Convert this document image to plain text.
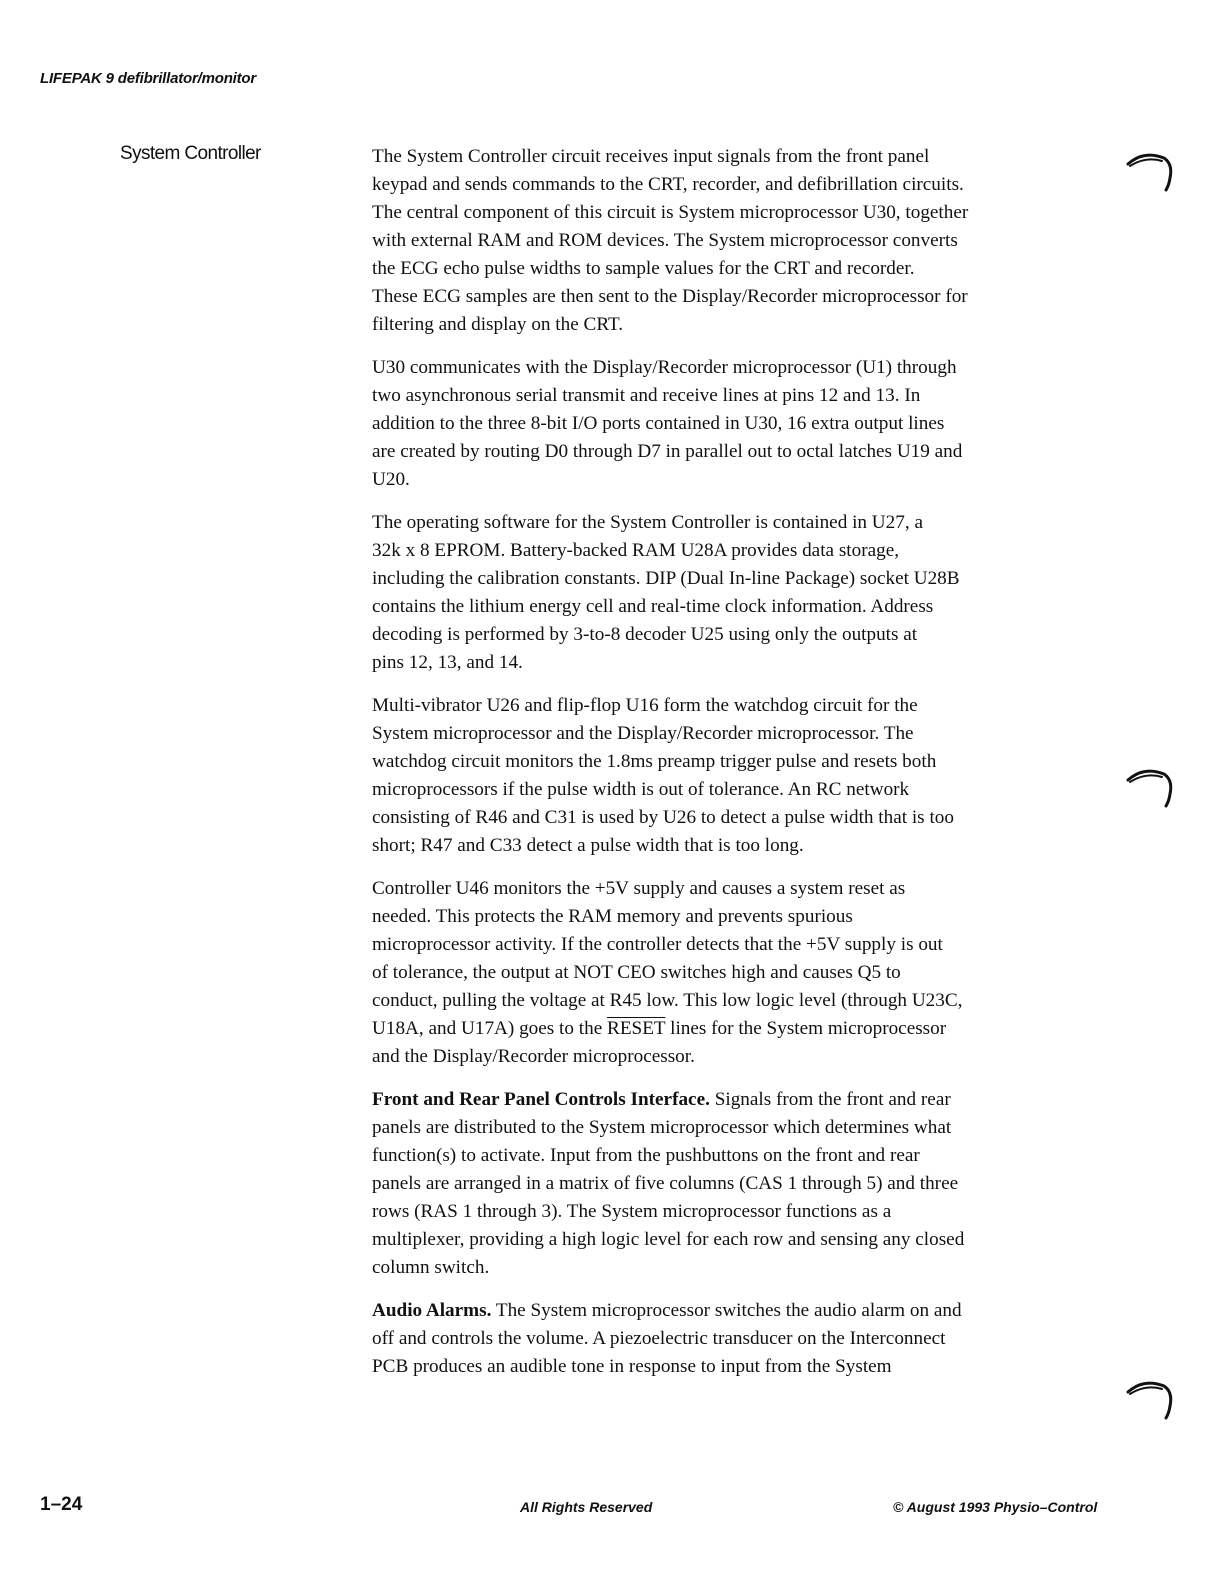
LIFEPAK 9 defibrillator/monitor
System Controller	The System Controller circuit receives input signals from the front panel
keypad and sends commands to the CRT, recorder, and defibrillation circuits.
The central component of this circuit is System microprocessor U30, together
with external RAM and ROM devices. The System microprocessor converts
the ECG echo pulse widths to sample values for the CRT and recorder.
These ECG samples are then sent to the Display/Recorder microprocessor for
filtering and display on the CRT.

U30 communicates with the Display/Recorder microprocessor (U1) through
two asynchronous serial transmit and receive lines at pins 12 and 13. In
addition to the three 8-bit I/O ports contained in U30, 16 extra output lines
are created by routing D0 through D7 in parallel out to octal latches U19 and
U20.

The operating software for the System Controller is contained in U27, a
32k x 8 EPROM. Battery-backed RAM U28A provides data storage,
including the calibration constants. DIP (Dual In-line Package) socket U28B
contains the lithium energy cell and real-time clock information. Address
decoding is performed by 3-to-8 decoder U25 using only the outputs at
pins 12, 13, and 14.

Multi-vibrator U26 and flip-flop U16 form the watchdog circuit for the
System microprocessor and the Display/Recorder microprocessor. The
watchdog circuit monitors the 1.8ms preamp trigger pulse and resets both
microprocessors if the pulse width is out of tolerance. An RC network
consisting of R46 and C31 is used by U26 to detect a pulse width that is too
short; R47 and C33 detect a pulse width that is too long.

Controller U46 monitors the +5V supply and causes a system reset as
needed. This protects the RAM memory and prevents spurious
microprocessor activity. If the controller detects that the +5V supply is out
of tolerance, the output at NOT CEO switches high and causes Q5 to
conduct, pulling the voltage at R45 low. This low logic level (through U23C,
U18A, and U17A) goes to the RESET lines for the System microprocessor
and the Display/Recorder microprocessor.

Front and Rear Panel Controls Interface. Signals from the front and rear
panels are distributed to the System microprocessor which determines what
function(s) to activate. Input from the pushbuttons on the front and rear
panels are arranged in a matrix of five columns (CAS 1 through 5) and three
rows (RAS 1 through 3). The System microprocessor functions as a
multiplexer, providing a high logic level for each row and sensing any closed
column switch.

Audio Alarms. The System microprocessor switches the audio alarm on and
off and controls the volume. A piezoelectric transducer on the Interconnect
PCB produces an audible tone in response to input from the System

1–24	All Rights Reserved	© August 1993 Physio–Control
